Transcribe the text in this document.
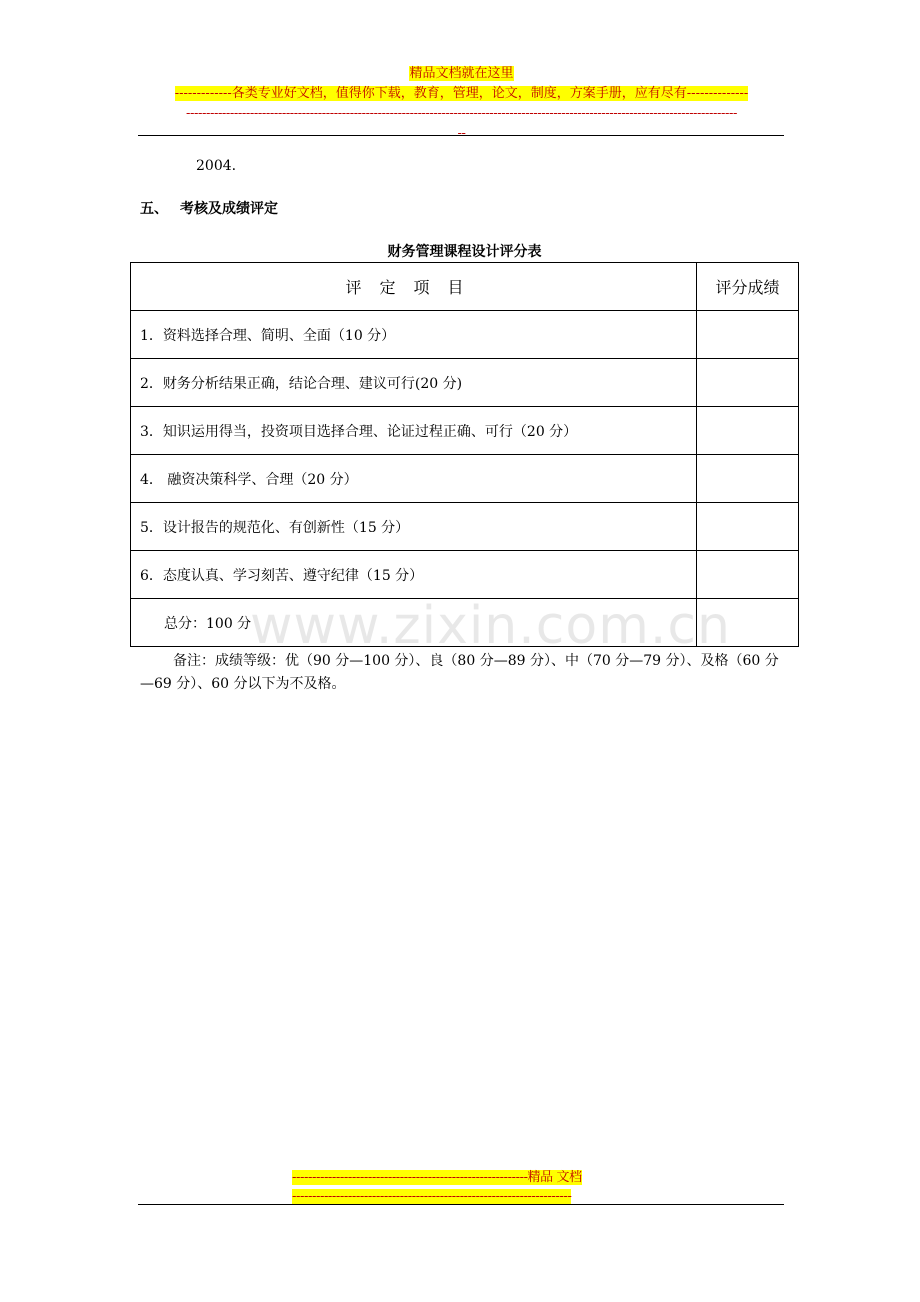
精品文档就在这里
-------------各类专业好文档，值得你下载，教育，管理，论文，制度，方案手册，应有尽有--------------
------------------------------------------------------------------------------------------------------------------------------------------
--
2004.
五、 考核及成绩评定
财务管理课程设计评分表
评定项目	评分成绩
1．资料选择合理、简明、全面（10 分）	
2．财务分析结果正确，结论合理、建议可行(20 分)	
3．知识运用得当，投资项目选择合理、论证过程正确、可行（20 分）	
4． 融资决策科学、合理（20 分）	
5．设计报告的规范化、有创新性（15 分）	
6．态度认真、学习刻苦、遵守纪律（15 分）	
总分：100 分	
www.zixin.com.cn
备注：成绩等级：优（90 分—100 分）、良（80 分—89 分）、中（70 分—79 分）、及格（60 分—69 分）、60 分以下为不及格。
-----------------------------------------------------------精品 文档
----------------------------------------------------------------------
